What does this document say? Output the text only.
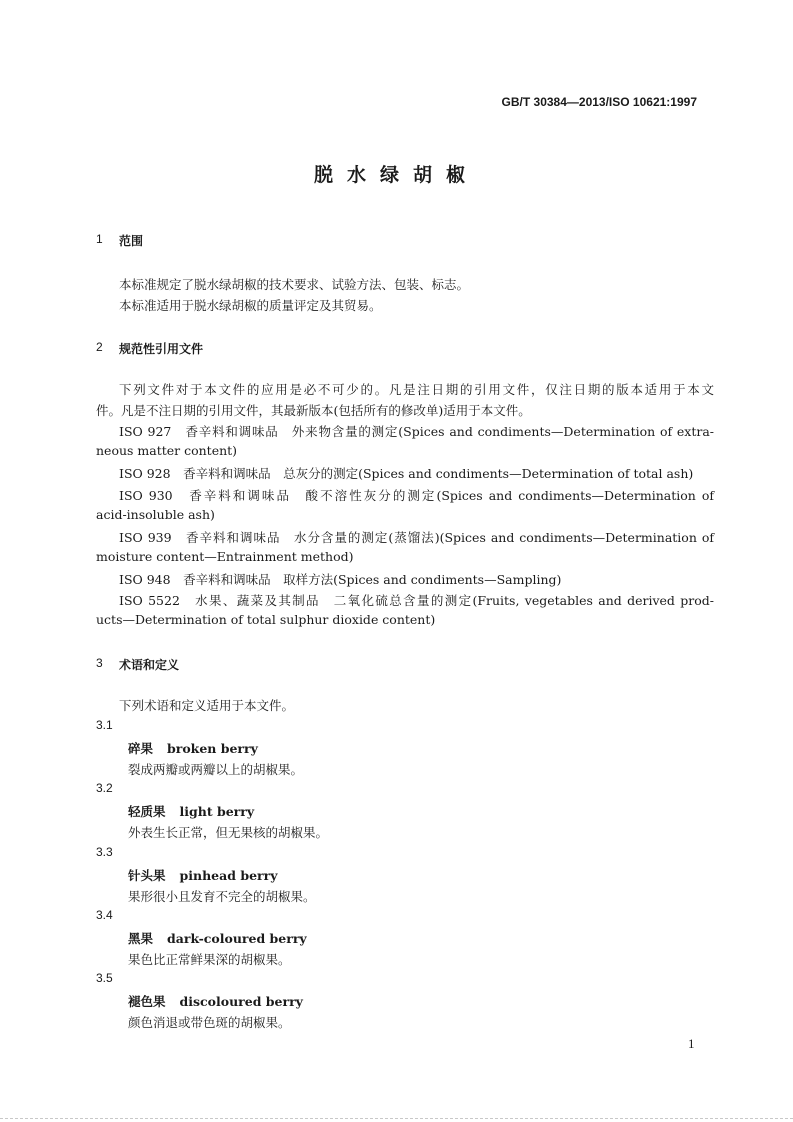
GB/T 30384—2013/ISO 10621:1997
脱水绿胡椒
1 范围
本标准规定了脱水绿胡椒的技术要求、试验方法、包装、标志。
本标准适用于脱水绿胡椒的质量评定及其贸易。
2 规范性引用文件
下列文件对于本文件的应用是必不可少的。凡是注日期的引用文件，仅注日期的版本适用于本文
件。凡是不注日期的引用文件，其最新版本(包括所有的修改单)适用于本文件。
ISO 927　香辛料和调味品　外来物含量的测定(Spices and condiments—Determination of extra-
neous matter content)
ISO 928　香辛料和调味品　总灰分的测定(Spices and condiments—Determination of total ash)
ISO 930　香辛料和调味品　酸不溶性灰分的测定(Spices and condiments—Determination of
acid-insoluble ash)
ISO 939　香辛料和调味品　水分含量的测定(蒸馏法)(Spices and condiments—Determination of
moisture content—Entrainment method)
ISO 948　香辛料和调味品　取样方法(Spices and condiments—Sampling)
ISO 5522　水果、蔬菜及其制品　二氧化硫总含量的测定(Fruits, vegetables and derived prod-
ucts—Determination of total sulphur dioxide content)
3 术语和定义
下列术语和定义适用于本文件。
3.1
碎果 broken berry
裂成两瓣或两瓣以上的胡椒果。
3.2
轻质果 light berry
外表生长正常，但无果核的胡椒果。
3.3
针头果 pinhead berry
果形很小且发育不完全的胡椒果。
3.4
黑果 dark-coloured berry
果色比正常鲜果深的胡椒果。
3.5
褪色果 discoloured berry
颜色消退或带色斑的胡椒果。
1
